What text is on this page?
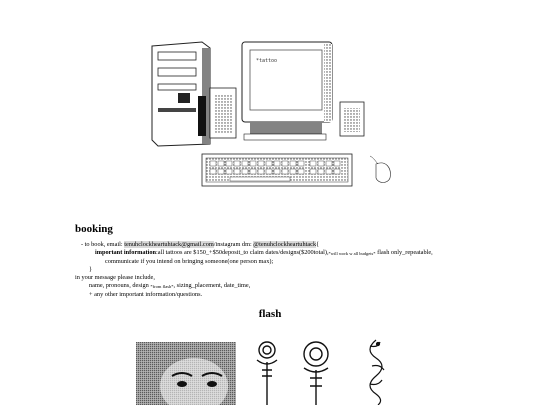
*tattoo
booking
- to book, email: tenuhclockheartuhtack@gmail.com/instagram dm: @tenuhclockheartuhtack{
important information:all tattoos are $150_+$50deposit_to claim dates/designs($200total),*will work w all budgets* flash only_repeatable,
communicate if you intend on bringing someone(one person max);
}
in your message please include,
name, pronouns, design *from flash*, sizing_placement, date_time,
+ any other important information/questions.
flash
